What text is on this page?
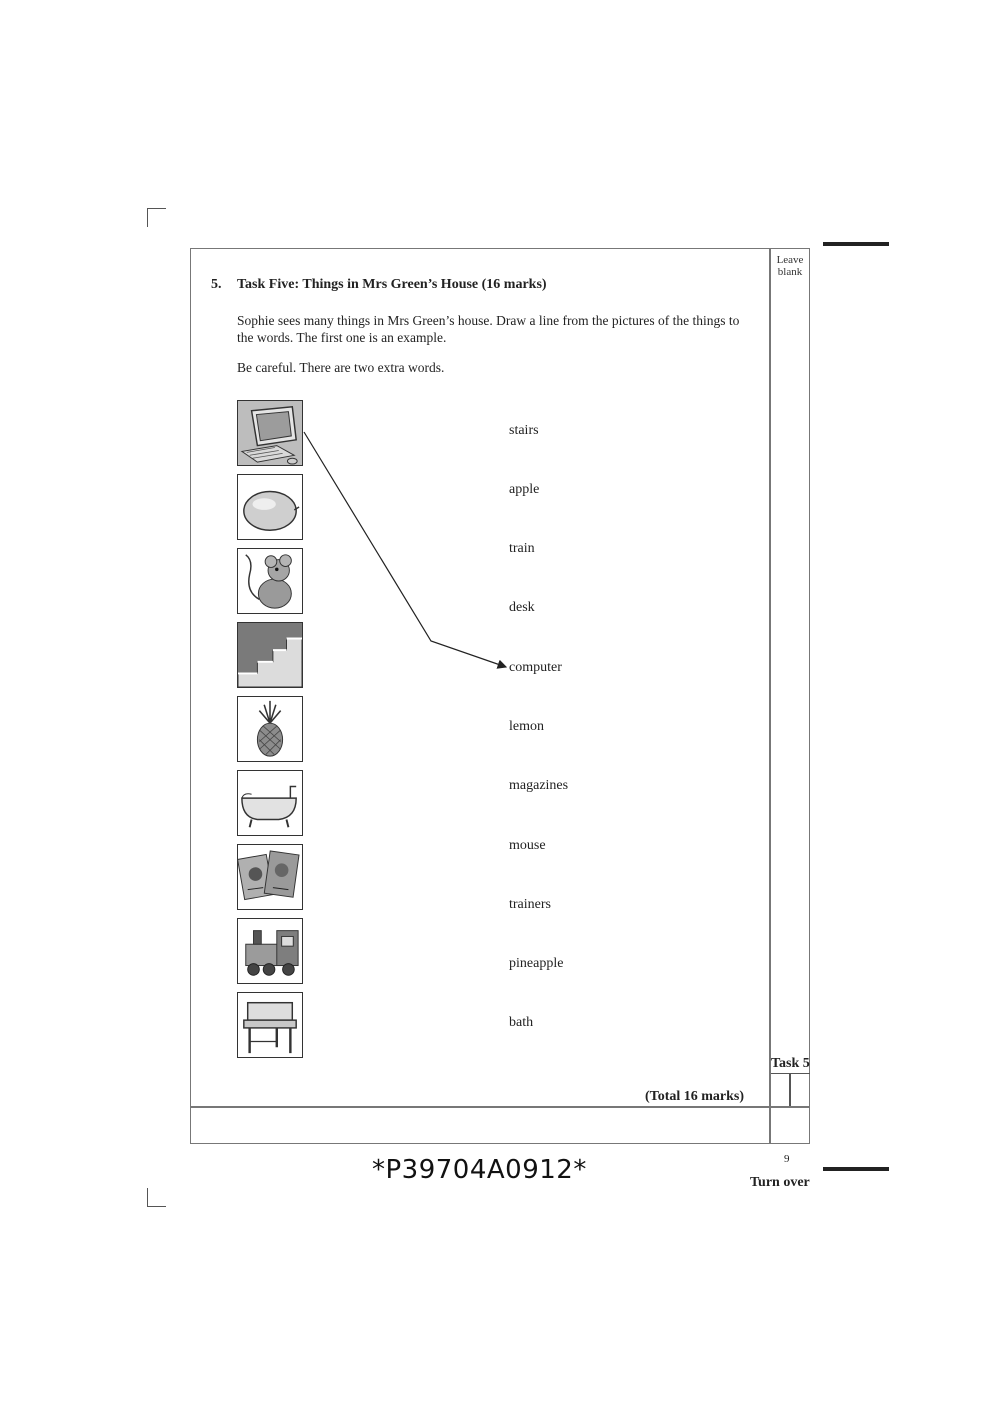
Leave blank
5. Task Five: Things in Mrs Green’s House (16 marks)
Sophie sees many things in Mrs Green’s house. Draw a line from the pictures of the things to the words. The first one is an example.
Be careful. There are two extra words.
stairs
apple
train
desk
computer
lemon
magazines
mouse
trainers
pineapple
bath
Task 5
(Total 16 marks)
*P39704A0912*	9
Turn over
